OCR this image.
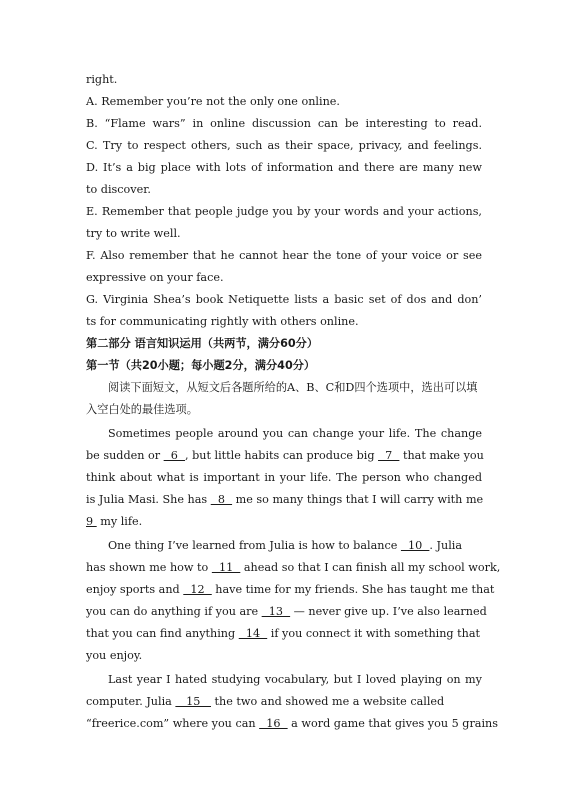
right.
A. Remember you’re not the only one online.
B. “Flame wars” in online discussion can be interesting to read.
C. Try to respect others, such as their space, privacy, and feelings.
D. It’s a big place with lots of information and there are many new
to discover.
E. Remember that people judge you by your words and your actions,
try to write well.
F. Also remember that he cannot hear the tone of your voice or see
expressive on your face.
G. Virginia Shea’s book Netiquette lists a basic set of dos and don’
ts for communicating rightly with others online.
第二部分 语言知识运用（共两节，满分60分）
第一节（共20小题；每小题2分，满分40分）
阅读下面短文，从短文后各题所给的A、B、C和D四个选项中，选出可以填
入空白处的最佳选项。
Sometimes people around you can change your life. The change
be sudden or   6  , but little habits can produce big   7   that make you
think about what is important in your life. The person who changed
is Julia Masi. She has   8   me so many things that I will carry with me
9  my life.
One thing I’ve learned from Julia is how to balance   10  . Julia
has shown me how to   11   ahead so that I can finish all my school work,
enjoy sports and   12   have time for my friends. She has taught me that
you can do anything if you are   13   — never give up. I’ve also learned
that you can find anything   14   if you connect it with something that
you enjoy.
Last year I hated studying vocabulary, but I loved playing on my
computer. Julia    15    the two and showed me a website called
“freerice.com” where you can   16   a word game that gives you 5 grains
